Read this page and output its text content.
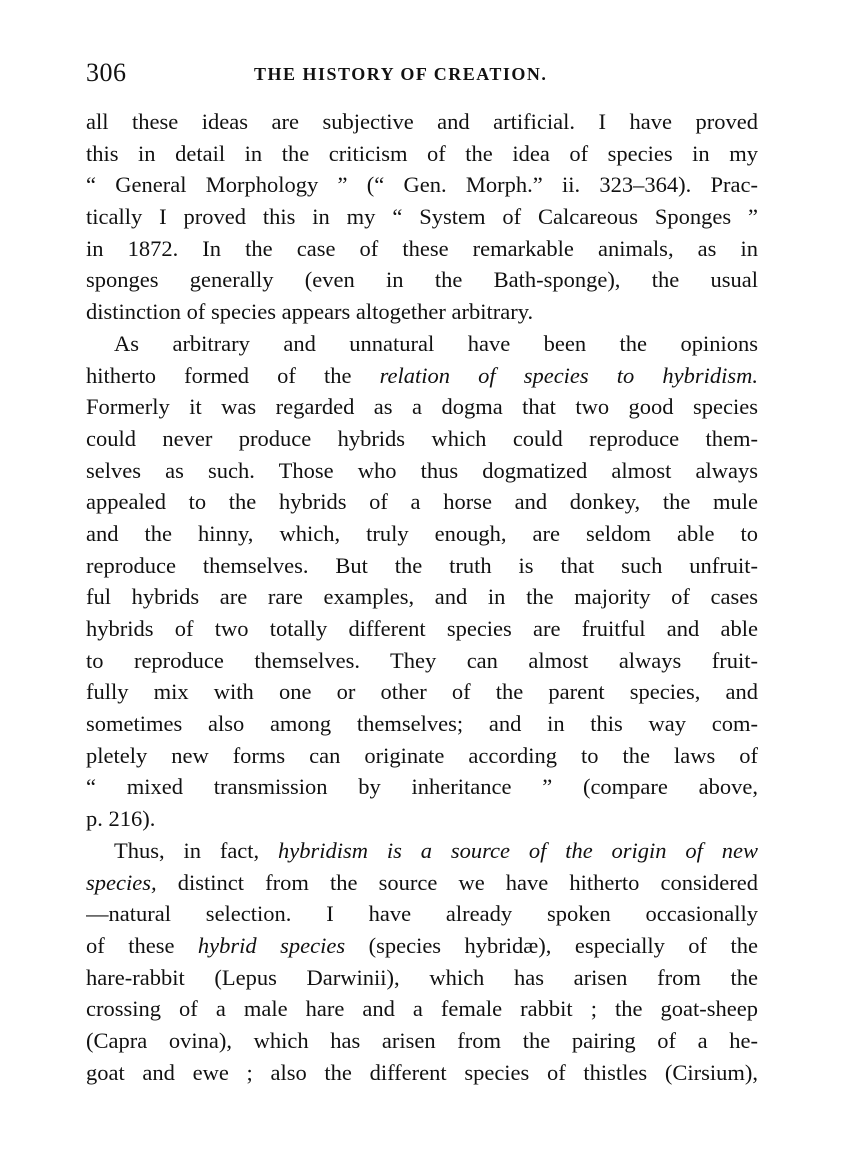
306	THE HISTORY OF CREATION.
all these ideas are subjective and artificial. I have proved
this in detail in the criticism of the idea of species in my
“ General Morphology ” (“ Gen. Morph.” ii. 323–364). Prac-
tically I proved this in my “ System of Calcareous Sponges ”
in 1872. In the case of these remarkable animals, as in
sponges generally (even in the Bath-sponge), the usual
distinction of species appears altogether arbitrary.
As arbitrary and unnatural have been the opinions
hitherto formed of the relation of species to hybridism.
Formerly it was regarded as a dogma that two good species
could never produce hybrids which could reproduce them-
selves as such. Those who thus dogmatized almost always
appealed to the hybrids of a horse and donkey, the mule
and the hinny, which, truly enough, are seldom able to
reproduce themselves. But the truth is that such unfruit-
ful hybrids are rare examples, and in the majority of cases
hybrids of two totally different species are fruitful and able
to reproduce themselves. They can almost always fruit-
fully mix with one or other of the parent species, and
sometimes also among themselves; and in this way com-
pletely new forms can originate according to the laws of
“ mixed transmission by inheritance ” (compare above,
p. 216).
Thus, in fact, hybridism is a source of the origin of new
species, distinct from the source we have hitherto considered
—natural selection. I have already spoken occasionally
of these hybrid species (species hybridæ), especially of the
hare-rabbit (Lepus Darwinii), which has arisen from the
crossing of a male hare and a female rabbit ; the goat-sheep
(Capra ovina), which has arisen from the pairing of a he-
goat and ewe ; also the different species of thistles (Cirsium),
